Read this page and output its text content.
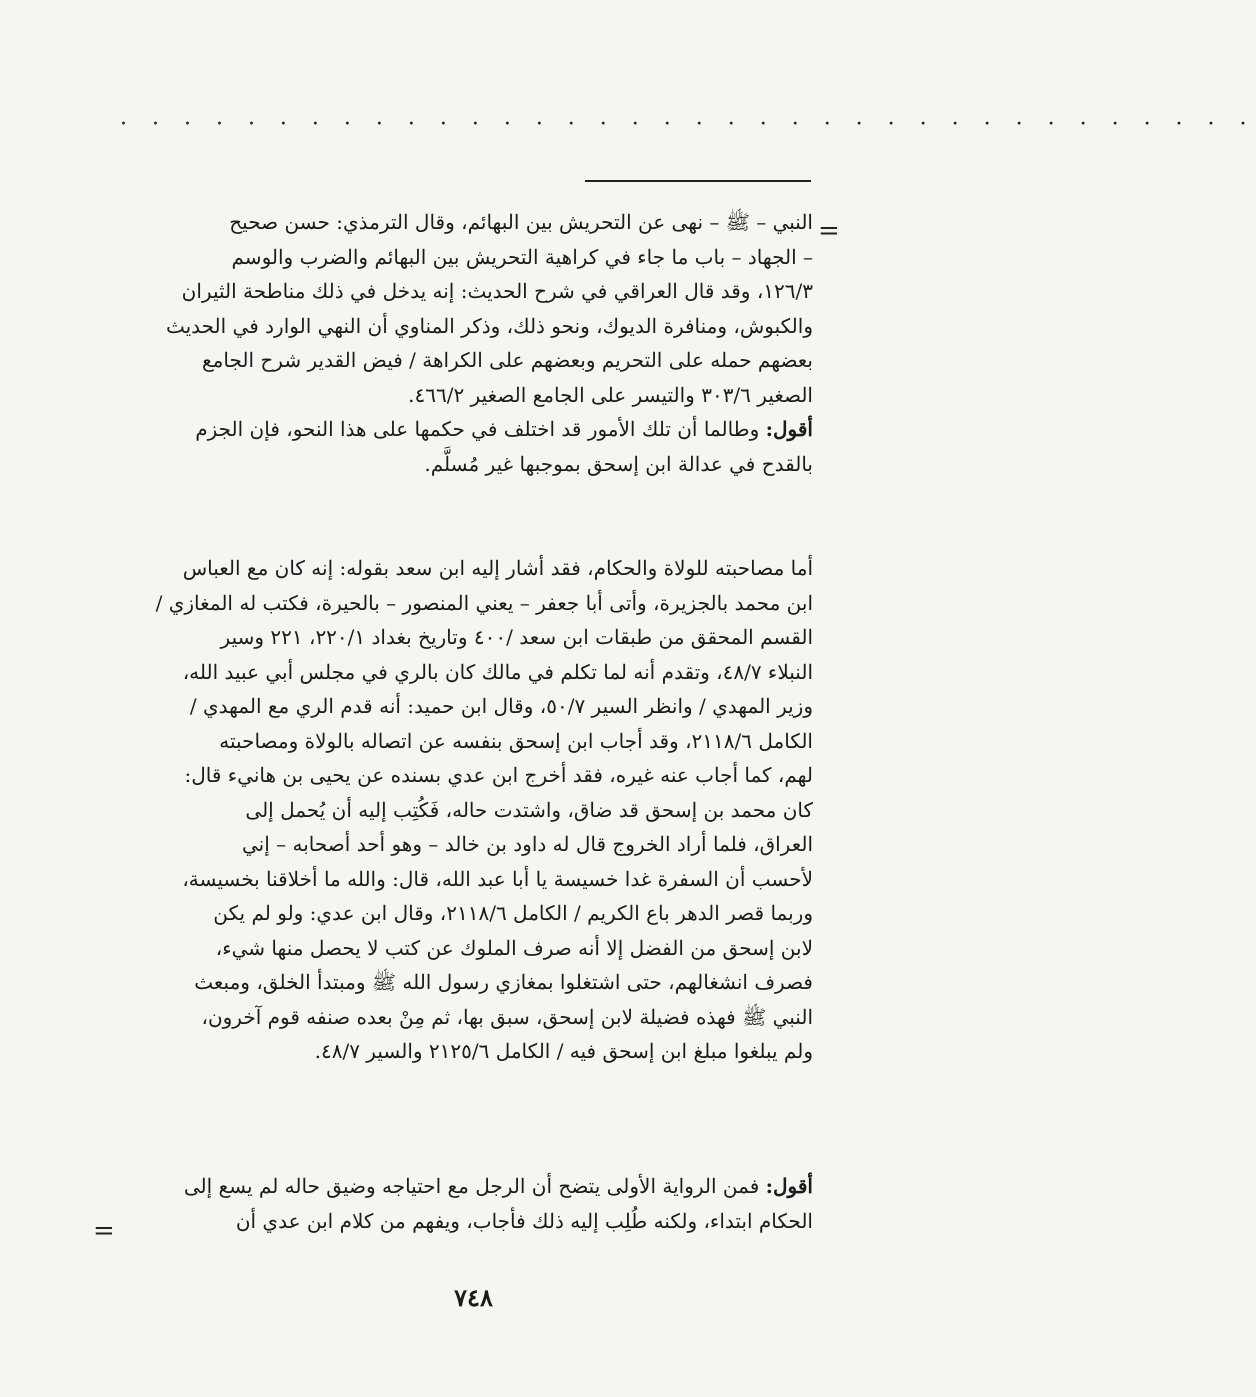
· · · · · · · · · · · · · · · · · · · · · · · · · · · · · · · · · · · ·
=
النبي – ﷺ – نهى عن التحريش بين البهائم، وقال الترمذي: حسن صحيح
– الجهاد – باب ما جاء في كراهية التحريش بين البهائم والضرب والوسم
١٢٦/٣، وقد قال العراقي في شرح الحديث: إنه يدخل في ذلك مناطحة الثيران
والكبوش، ومنافرة الديوك، ونحو ذلك، وذكر المناوي أن النهي الوارد في الحديث
بعضهم حمله على التحريم وبعضهم على الكراهة / فيض القدير شرح الجامع
الصغير ٣٠٣/٦ والتيسر على الجامع الصغير ٤٦٦/٢.
أقول: وطالما أن تلك الأمور قد اختلف في حكمها على هذا النحو، فإن الجزم
بالقدح في عدالة ابن إسحق بموجبها غير مُسلَّم.
أما مصاحبته للولاة والحكام، فقد أشار إليه ابن سعد بقوله: إنه كان مع العباس
ابن محمد بالجزيرة، وأتى أبا جعفر – يعني المنصور – بالحيرة، فكتب له المغازي /
القسم المحقق من طبقات ابن سعد /٤٠٠ وتاريخ بغداد ٢٢٠/١، ٢٢١ وسير
النبلاء ٤٨/٧، وتقدم أنه لما تكلم في مالك كان بالري في مجلس أبي عبيد الله،
وزير المهدي / وانظر السير ٥٠/٧، وقال ابن حميد: أنه قدم الري مع المهدي /
الكامل ٢١١٨/٦، وقد أجاب ابن إسحق بنفسه عن اتصاله بالولاة ومصاحبته
لهم، كما أجاب عنه غيره، فقد أخرج ابن عدي بسنده عن يحيى بن هانيء قال:
كان محمد بن إسحق قد ضاق، واشتدت حاله، فَكُتِب إليه أن يُحمل إلى
العراق، فلما أراد الخروج قال له داود بن خالد – وهو أحد أصحابه – إني
لأحسب أن السفرة غدا خسيسة يا أبا عبد الله، قال: والله ما أخلاقنا بخسيسة،
وربما قصر الدهر باع الكريم / الكامل ٢١١٨/٦، وقال ابن عدي: ولو لم يكن
لابن إسحق من الفضل إلا أنه صرف الملوك عن كتب لا يحصل منها شيء،
فصرف انشغالهم، حتى اشتغلوا بمغازي رسول الله ﷺ ومبتدأ الخلق، ومبعث
النبي ﷺ فهذه فضيلة لابن إسحق، سبق بها، ثم مِنْ بعده صنفه قوم آخرون،
ولم يبلغوا مبلغ ابن إسحق فيه / الكامل ٢١٢٥/٦ والسير ٤٨/٧.
أقول: فمن الرواية الأولى يتضح أن الرجل مع احتياجه وضيق حاله لم يسع إلى
الحكام ابتداء، ولكنه طُلِب إليه ذلك فأجاب، ويفهم من كلام ابن عدي أن
=
٧٤٨
